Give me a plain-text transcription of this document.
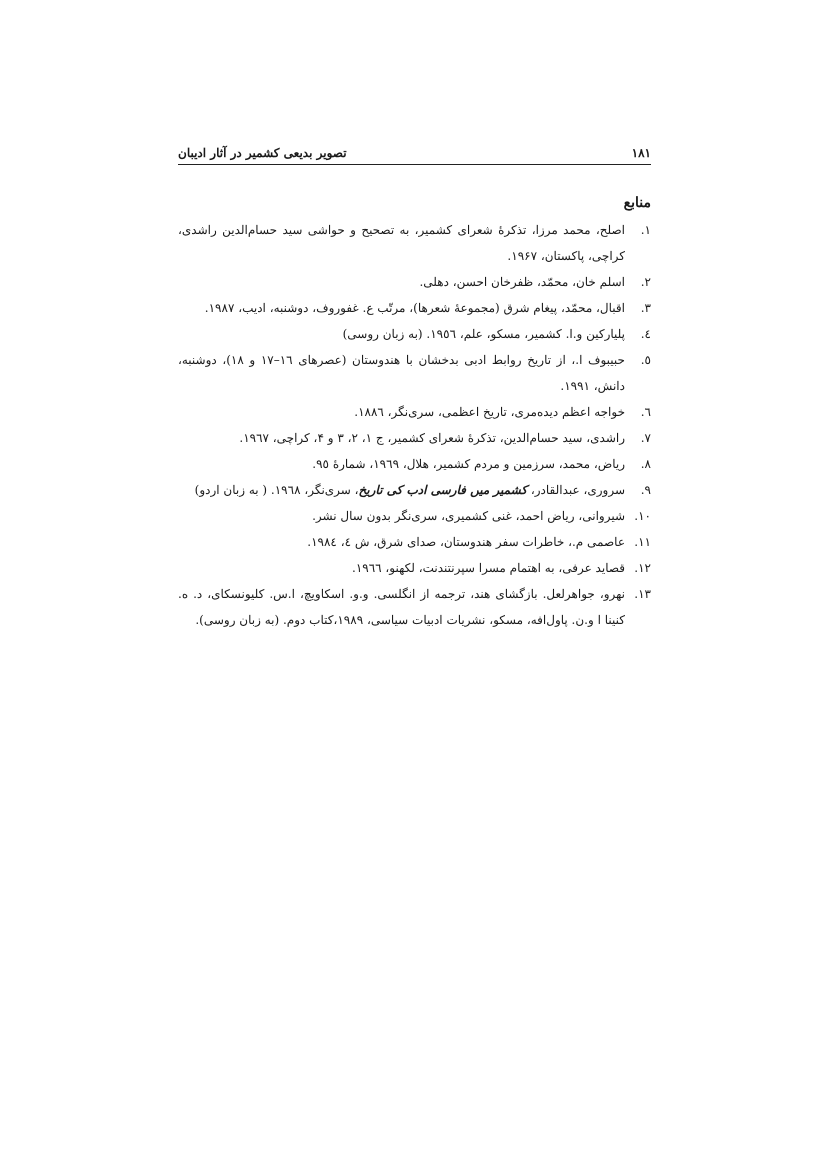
۱۸۱
تصویر بدیعی کشمیر در آثار ادیبان
منابع
۱.
اصلح، محمد مرزا، تذکرهٔ شعرای کشمیر، به تصحیح و حواشی سید حسام‌الدین راشدی، کراچی، پاکستان، ۱۹۶۷.
۲.
اسلم خان، محمّد، ظفرخان احسن، دهلی.
۳.
اقبال، محمّد، پیغام شرق (مجموعهٔ شعرها)، مرتّب ع. غفوروف، دوشنبه، ادیب، ۱۹۸۷.
٤.
پلیارکین و.ا. کشمیر، مسکو، علم، ۱۹٥٦. (به زبان روسی)
٥.
حبیبوف ا.، از تاریخ روابط ادبی بدخشان با هندوستان (عصرهای ١٦–١٧ و ١٨)، دوشنبه، دانش، ١٩٩١.
٦.
خواجه اعظم دیده‌مری، تاریخ اعظمی، سری‌نگر، ۱۸۸٦.
٧.
راشدی، سید حسام‌الدین، تذکرهٔ شعرای کشمیر، ج ١، ٢، ٣ و ۴، کراچی، ١٩٦٧.
٨.
ریاض، محمد، سرزمین و مردم کشمیر، هلال، ١٩٦٩، شمارهٔ ٩٥.
٩.
سروری، عبدالقادر، کشمیر میں فارسی ادب کی تاریخ، سری‌نگر، ١٩٦٨. ( به زبان اردو)
١٠.
شیروانی، ریاض احمد، غنی کشمیری، سری‌نگر بدون سال نشر.
١١.
عاصمی م.، خاطرات سفر هندوستان، صدای شرق، ش ٤، ١٩٨٤.
١٢.
قصاید عرفی، به اهتمام مسرا سپرنتندنت، لکهنو، ١٩٦٦.
١٣.
نهرو، جواهرلعل. بازگشای هند، ترجمه از انگلسی. و.و. اسکاویچ، ا.س. کلیونسکای، د. ه. کنینا ا و.ن. پاول‌افه، مسکو، نشریات ادبیات سیاسی، ١٩٨٩،کتاب دوم. (به زبان روسی).
